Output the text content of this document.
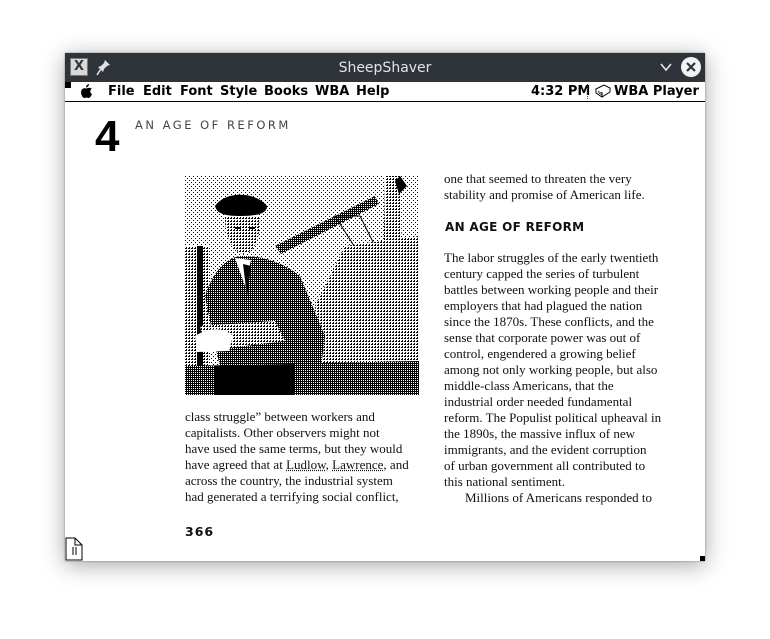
X	SheepShaver
File Edit Font Style Books WBA Help	4:32 PM WBA Player
4 AN AGE OF REFORM

one that seemed to threaten the very

stability and promise of American life.

AN AGE OF REFORM

The labor struggles of the early twentieth

century capped the series of turbulent

battles between working people and their

employers that had plagued the nation

since the 1870s. These conflicts, and the

sense that corporate power was out of

control, engendered a growing belief

among not only working people, but also

middle-class Americans, that the

industrial order needed fundamental

reform. The Populist political upheaval in

the 1890s, the massive influx of new

immigrants, and the evident corruption

of urban government all contributed to

this national sentiment.

Millions of Americans responded to

class struggle” between workers and

capitalists. Other observers might not

have used the same terms, but they would

have agreed that at Ludlow, Lawrence, and

across the country, the industrial system

had generated a terrifying social conflict,

366
